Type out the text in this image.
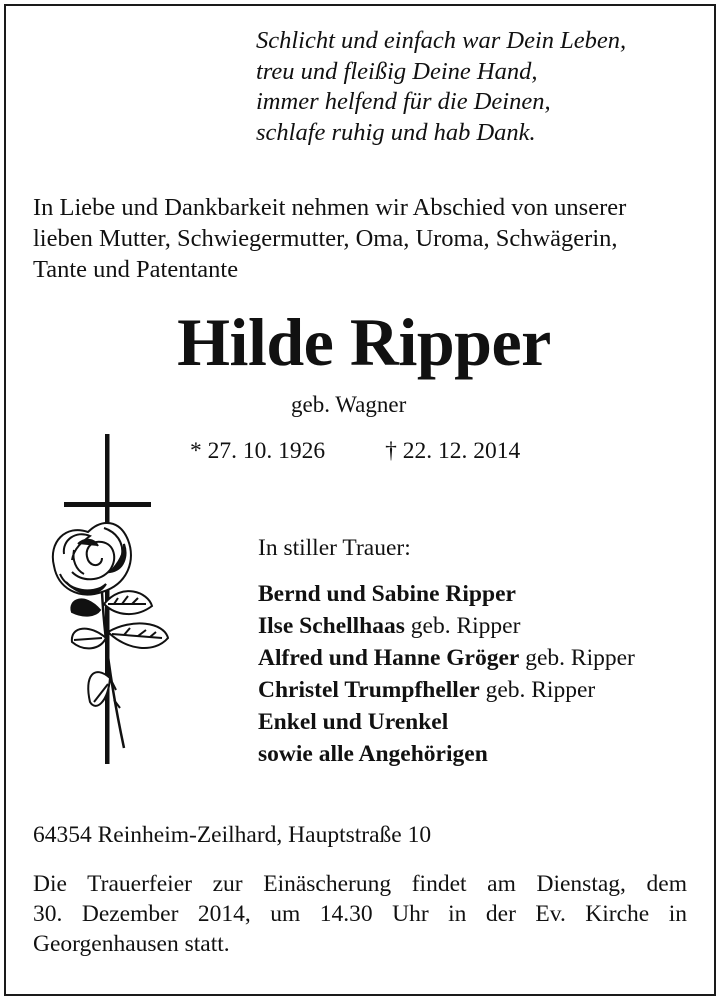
Schlicht und einfach war Dein Leben,
treu und fleißig Deine Hand,
immer helfend für die Deinen,
schlafe ruhig und hab Dank.
In Liebe und Dankbarkeit nehmen wir Abschied von unserer
lieben Mutter, Schwiegermutter, Oma, Uroma, Schwägerin,
Tante und Patentante
Hilde Ripper
geb. Wagner
* 27. 10. 1926	† 22. 12. 2014
In stiller Trauer:
Bernd und Sabine Ripper
Ilse Schellhaas geb. Ripper
Alfred und Hanne Gröger geb. Ripper
Christel Trumpfheller geb. Ripper
Enkel und Urenkel
sowie alle Angehörigen
64354 Reinheim-Zeilhard, Hauptstraße 10
Die Trauerfeier zur Einäscherung findet am Dienstag, dem
30. Dezember 2014, um 14.30 Uhr in der Ev. Kirche in
Georgenhausen statt.
